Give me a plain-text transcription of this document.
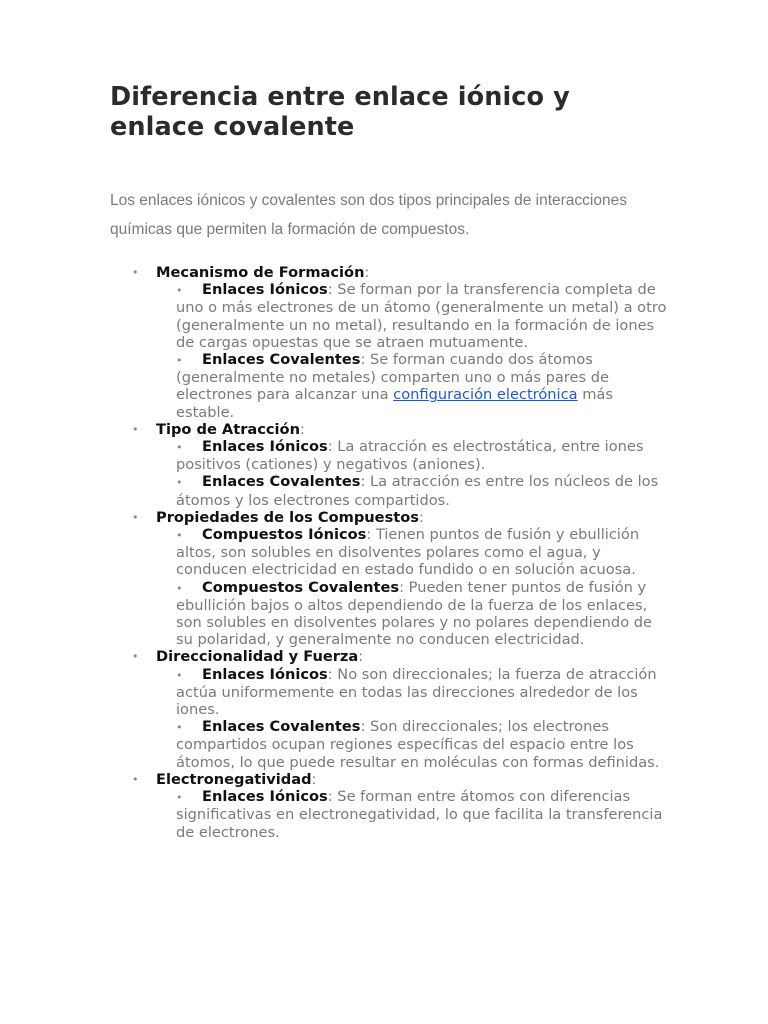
Diferencia entre enlace iónico y enlace covalente

Los enlaces iónicos y covalentes son dos tipos principales de interacciones químicas que permiten la formación de compuestos.

• Mecanismo de Formación:
• Enlaces Iónicos: Se forman por la transferencia completa de uno o más electrones de un átomo (generalmente un metal) a otro (generalmente un no metal), resultando en la formación de iones de cargas opuestas que se atraen mutuamente.
• Enlaces Covalentes: Se forman cuando dos átomos (generalmente no metales) comparten uno o más pares de electrones para alcanzar una configuración electrónica más estable.
• Tipo de Atracción:
• Enlaces Iónicos: La atracción es electrostática, entre iones positivos (cationes) y negativos (aniones).
• Enlaces Covalentes: La atracción es entre los núcleos de los átomos y los electrones compartidos.
• Propiedades de los Compuestos:
• Compuestos Iónicos: Tienen puntos de fusión y ebullición altos, son solubles en disolventes polares como el agua, y conducen electricidad en estado fundido o en solución acuosa.
• Compuestos Covalentes: Pueden tener puntos de fusión y ebullición bajos o altos dependiendo de la fuerza de los enlaces, son solubles en disolventes polares y no polares dependiendo de su polaridad, y generalmente no conducen electricidad.
• Direccionalidad y Fuerza:
• Enlaces Iónicos: No son direccionales; la fuerza de atracción actúa uniformemente en todas las direcciones alrededor de los iones.
• Enlaces Covalentes: Son direccionales; los electrones compartidos ocupan regiones específicas del espacio entre los átomos, lo que puede resultar en moléculas con formas definidas.
• Electronegatividad:
• Enlaces Iónicos: Se forman entre átomos con diferencias significativas en electronegatividad, lo que facilita la transferencia de electrones.
